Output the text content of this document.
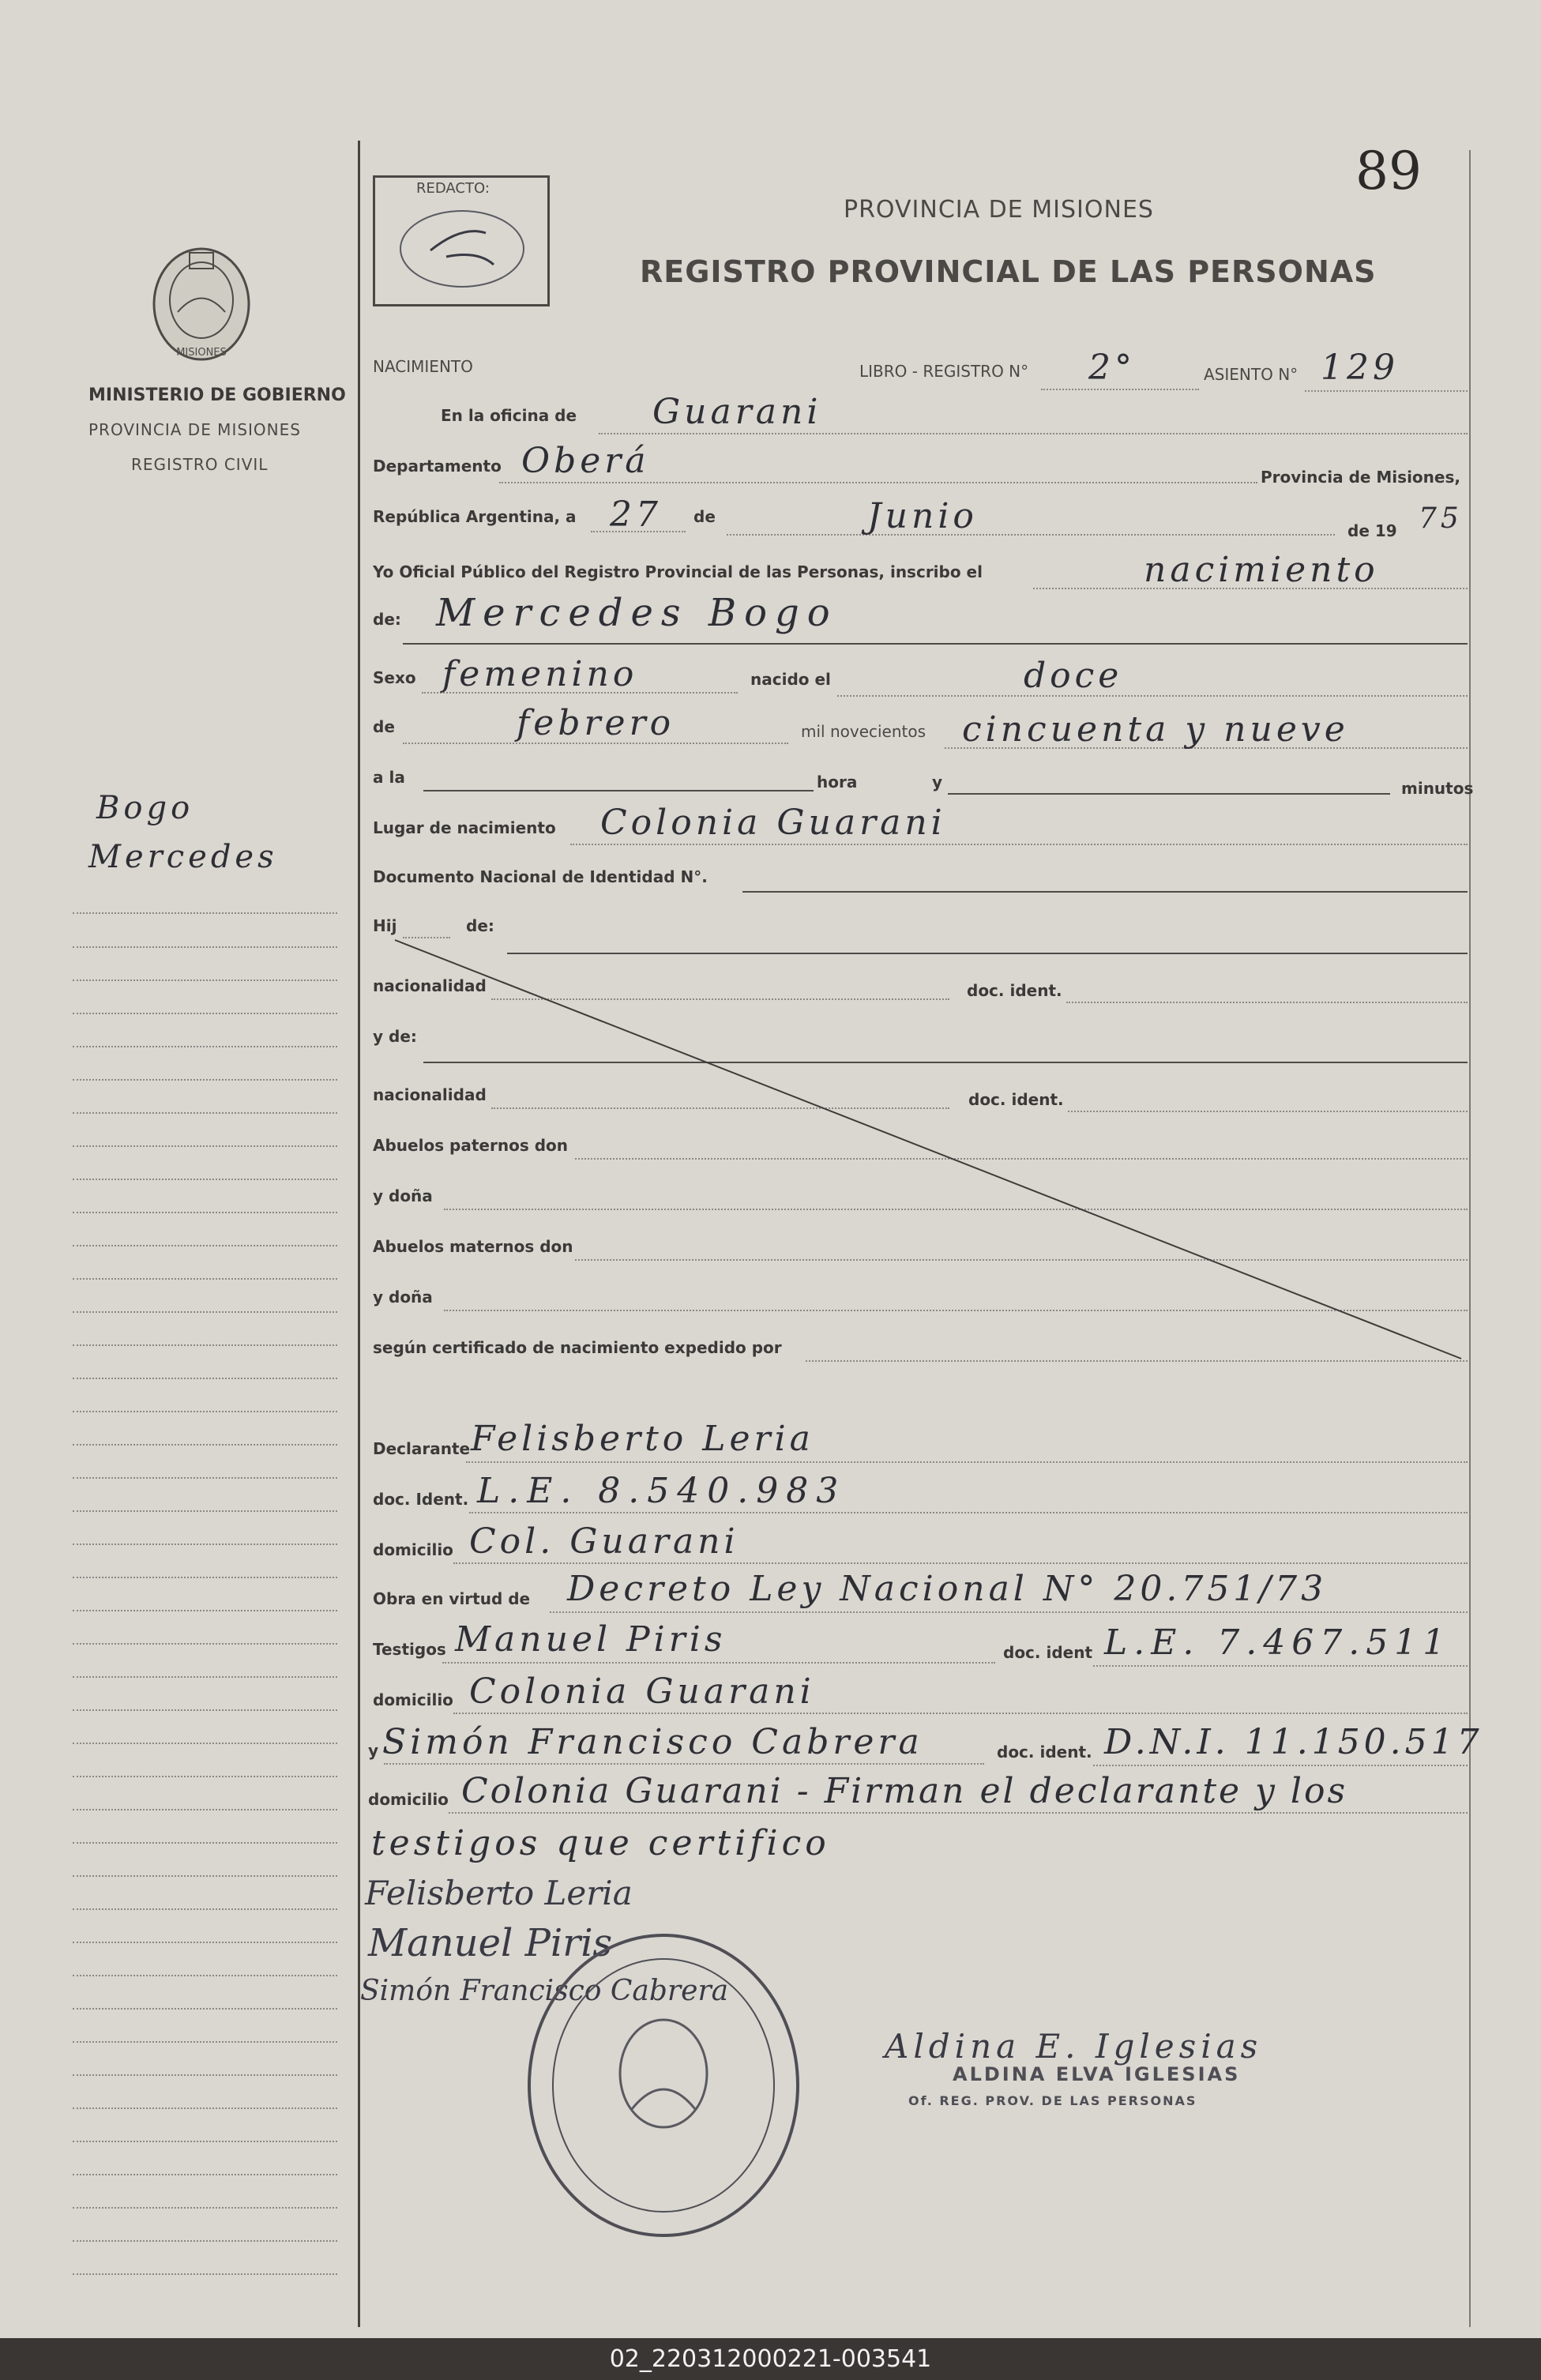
89
REDACTO:
PROVINCIA DE MISIONES
REGISTRO PROVINCIAL DE LAS PERSONAS
MISIONES
MINISTERIO DE GOBIERNO
PROVINCIA DE MISIONES
REGISTRO CIVIL
Bogo
Mercedes
NACIMIENTO	LIBRO - REGISTRO N° 2°	ASIENTO N° 129
En la oficina de Guarani
Departamento Oberá	Provincia de Misiones,
República Argentina, a 27 de	Junio	de 19 75
Yo Oficial Público del Registro Provincial de las Personas, inscribo el	nacimiento
de: Mercedes Bogo
Sexo femenino	nacido el	doce
de	febrero	mil novecientos cincuenta y nueve
a la	hora	y	minutos
Lugar de nacimiento Colonia Guarani
Documento Nacional de Identidad N°.
Hij	de:
nacionalidad	doc. ident.
y de:
nacionalidad	doc. ident.
Abuelos paternos don
y doña
Abuelos maternos don
y doña
según certificado de nacimiento expedido por
Declarante Felisberto Leria
doc. Ident. L.E. 8.540.983
domicilio Col. Guarani
Obra en virtud de Decreto Ley Nacional N° 20.751/73
Testigos Manuel Piris	doc. ident L.E. 7.467.511
domicilio Colonia Guarani
y Simón Francisco Cabrera	doc. ident. D.N.I. 11.150.517
domicilio Colonia Guarani - Firman el declarante y los
testigos que certifico
Felisberto Leria
Manuel Piris
Simón Francisco Cabrera
Aldina E. Iglesias
ALDINA ELVA IGLESIAS
Of. REG. PROV. DE LAS PERSONAS
02_220312000221-003541
